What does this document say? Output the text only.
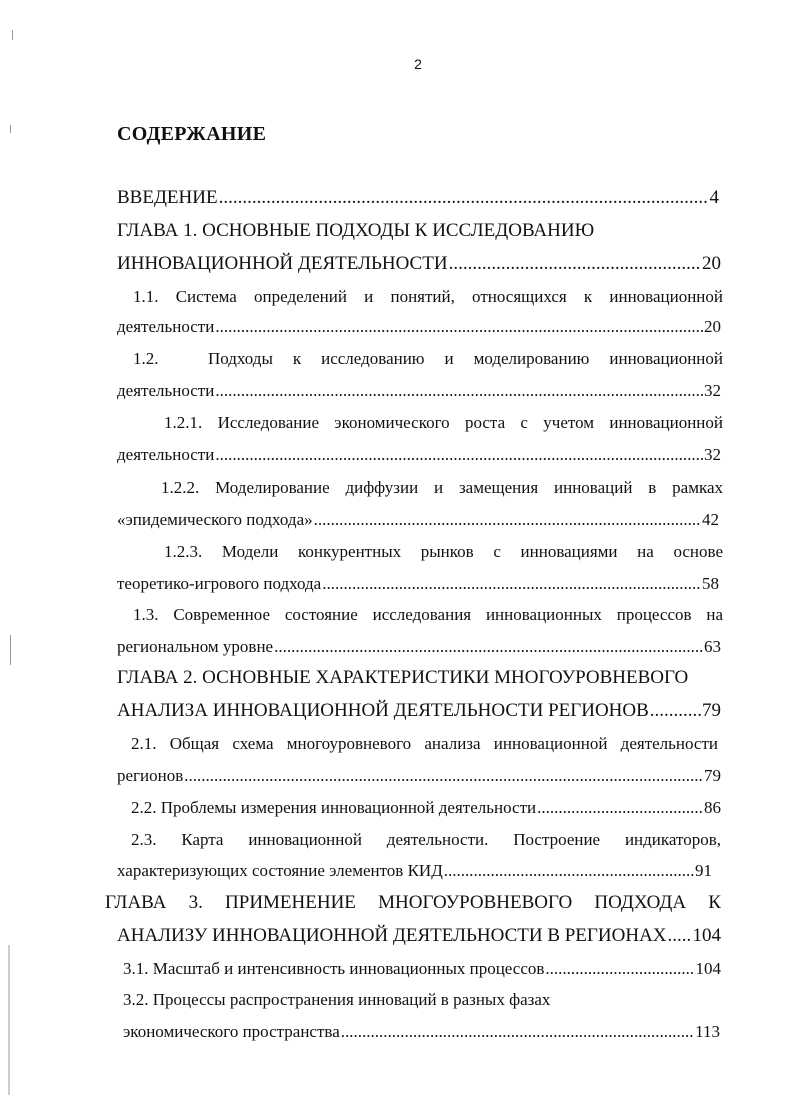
2
СОДЕРЖАНИЕ
ВВЕДЕНИЕ .....	4
ГЛАВА 1. ОСНОВНЫЕ ПОДХОДЫ К ИССЛЕДОВАНИЮ
ИННОВАЦИОННОЙ ДЕЯТЕЛЬНОСТИ .....	20
1.1. Система определений и понятий, относящихся к инновационной
деятельности .....	20
1.2.	Подходы к исследованию и моделированию инновационной
деятельности .....	32
1.2.1. Исследование экономического роста с учетом инновационной
деятельности .....	32
1.2.2. Моделирование диффузии и замещения инноваций в рамках
«эпидемического подхода» .....	42
1.2.3. Модели конкурентных рынков с инновациями на основе
теоретико-игрового подхода .....	58
1.3. Современное состояние исследования инновационных процессов на
региональном уровне .....	63
ГЛАВА 2. ОСНОВНЫЕ ХАРАКТЕРИСТИКИ МНОГОУРОВНЕВОГО
АНАЛИЗА ИННОВАЦИОННОЙ ДЕЯТЕЛЬНОСТИ РЕГИОНОВ .....	79
2.1. Общая схема многоуровневого анализа инновационной деятельности
регионов .....	79
2.2. Проблемы измерения инновационной деятельности .....	86
2.3. Карта инновационной деятельности. Построение индикаторов,
характеризующих состояние элементов КИД .....	91
ГЛАВА 3. ПРИМЕНЕНИЕ МНОГОУРОВНЕВОГО ПОДХОДА К
АНАЛИЗУ ИННОВАЦИОННОЙ ДЕЯТЕЛЬНОСТИ В РЕГИОНАХ ..... 104
3.1. Масштаб и интенсивность инновационных процессов .....	104
3.2. Процессы распространения инноваций в разных фазах
экономического пространства .....	113
